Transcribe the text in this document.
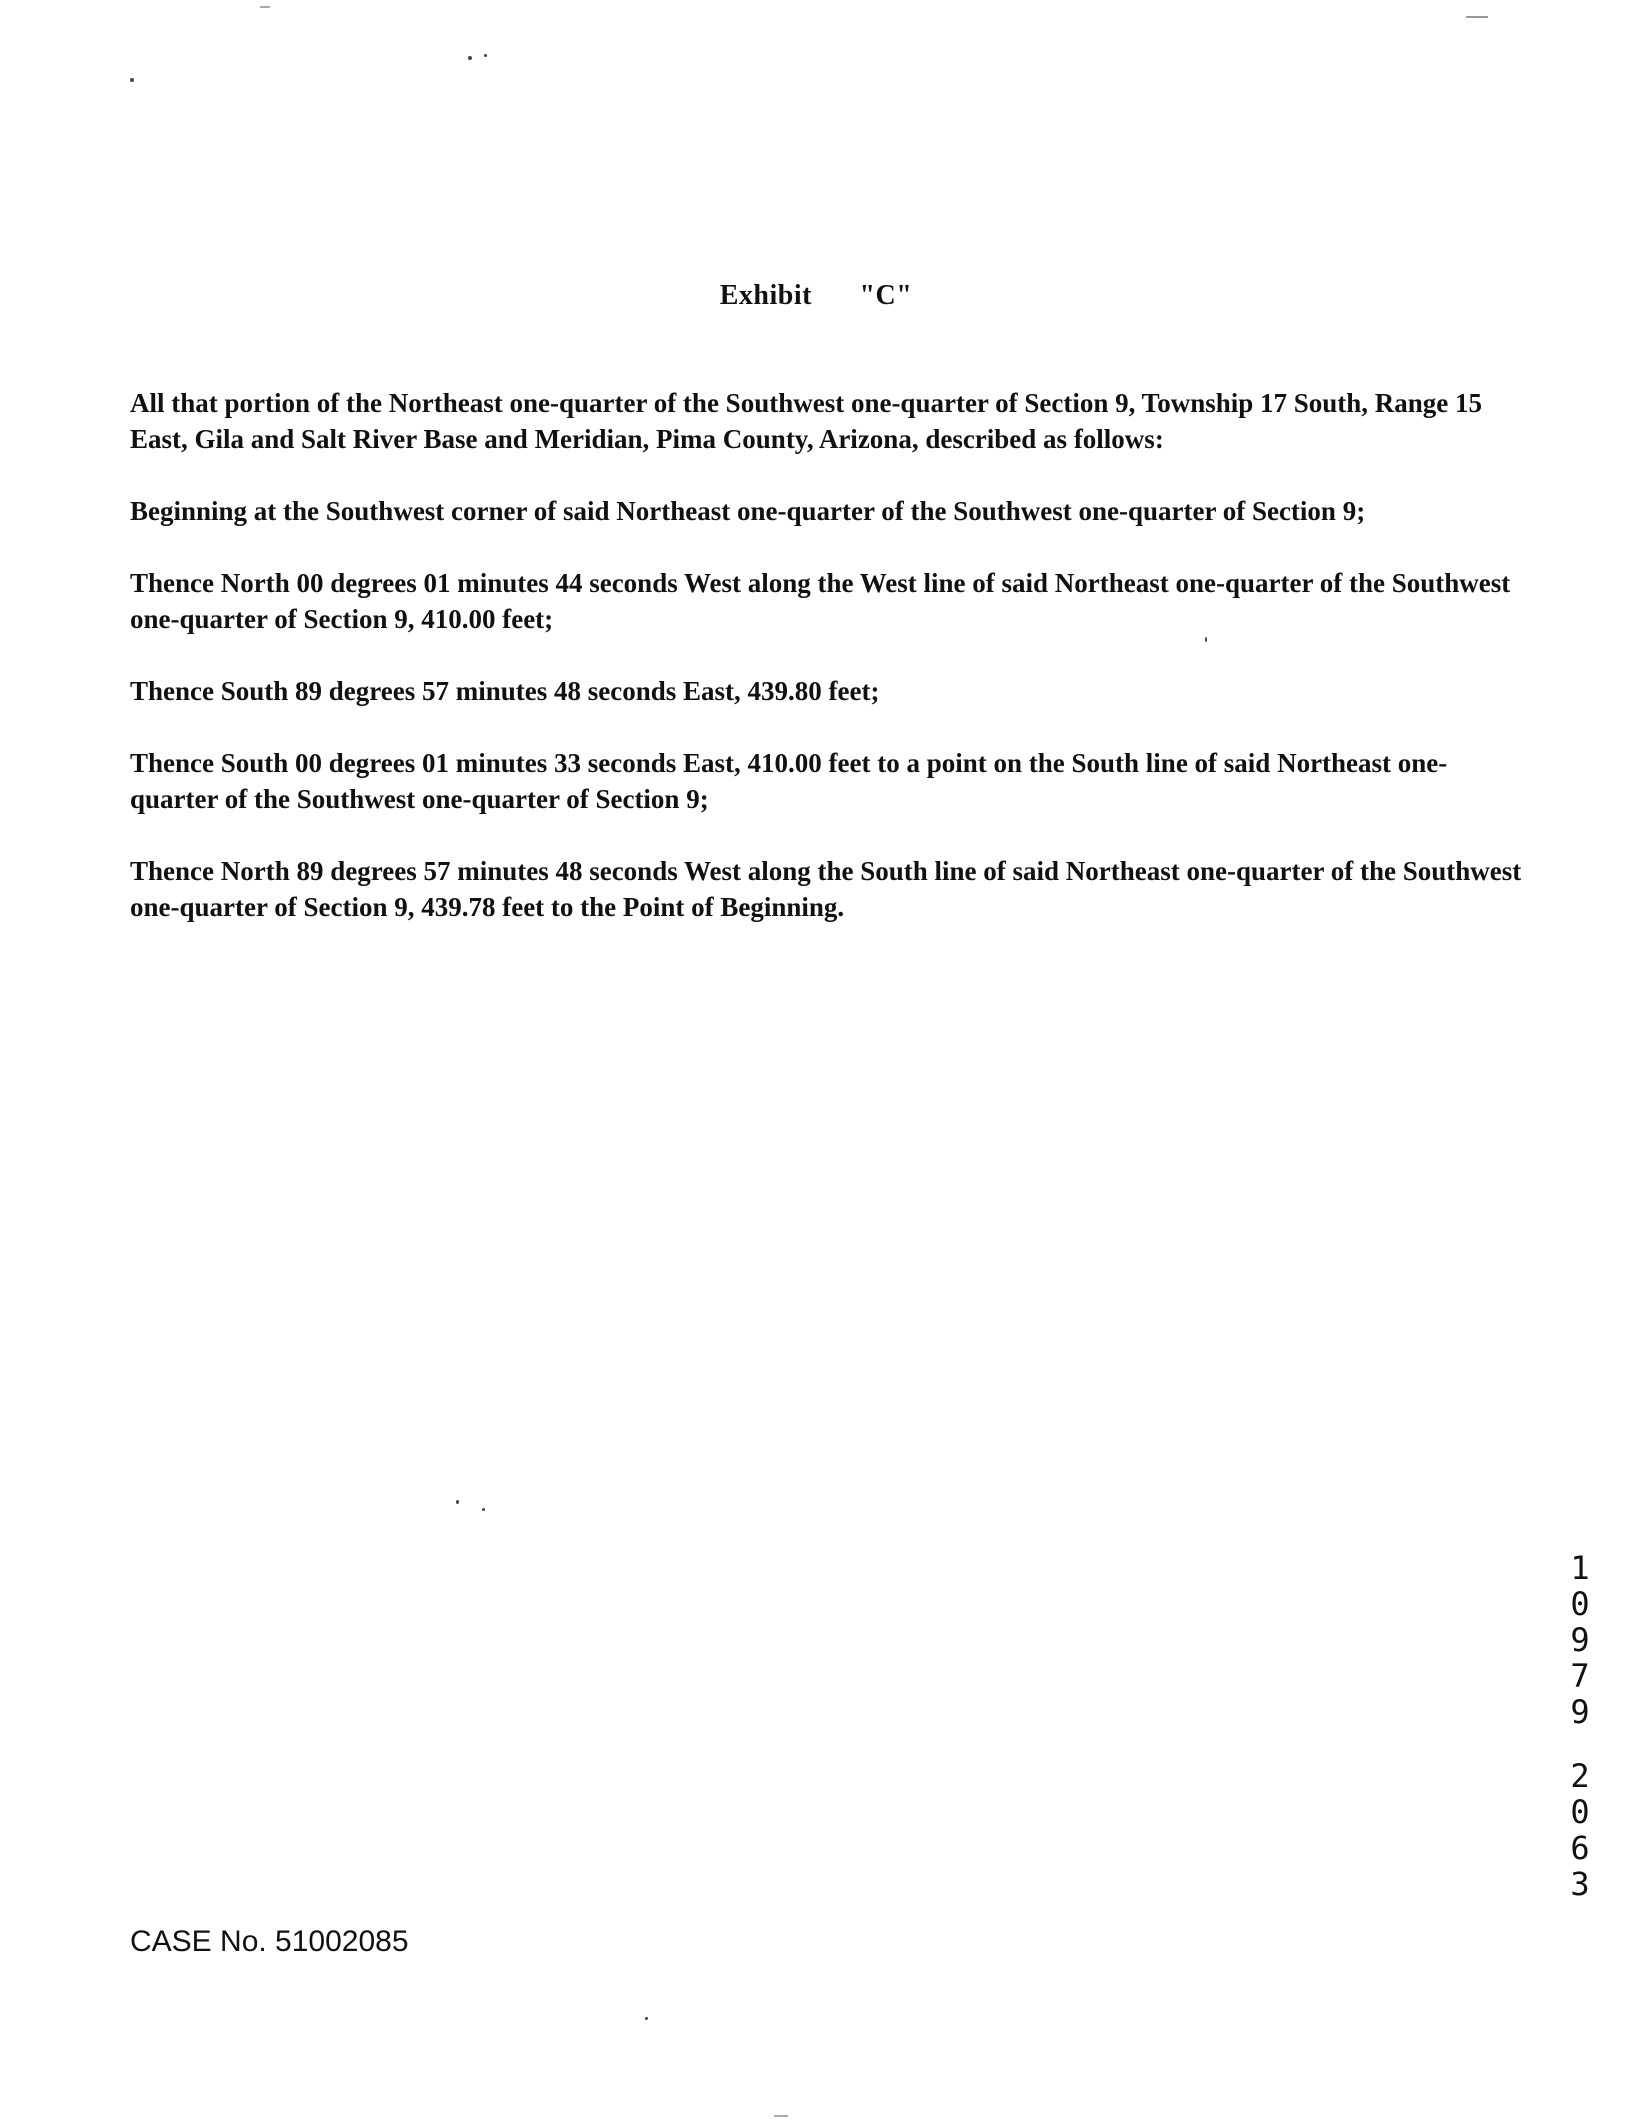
Exhibit "C"

All that portion of the Northeast one-quarter of the Southwest one-quarter of Section 9, Township 17 South, Range 15 East, Gila and Salt River Base and Meridian, Pima County, Arizona, described as follows:

Beginning at the Southwest corner of said Northeast one-quarter of the Southwest one-quarter of Section 9;

Thence North 00 degrees 01 minutes 44 seconds West along the West line of said Northeast one-quarter of the Southwest one-quarter of Section 9, 410.00 feet;

Thence South 89 degrees 57 minutes 48 seconds East, 439.80 feet;

Thence South 00 degrees 01 minutes 33 seconds East, 410.00 feet to a point on the South line of said Northeast one-quarter of the Southwest one-quarter of Section 9;

Thence North 89 degrees 57 minutes 48 seconds West along the South line of said Northeast one-quarter of the Southwest one-quarter of Section 9, 439.78 feet to the Point of Beginning.

1
0
9
7
9
2
0
6
3
CASE No. 51002085
